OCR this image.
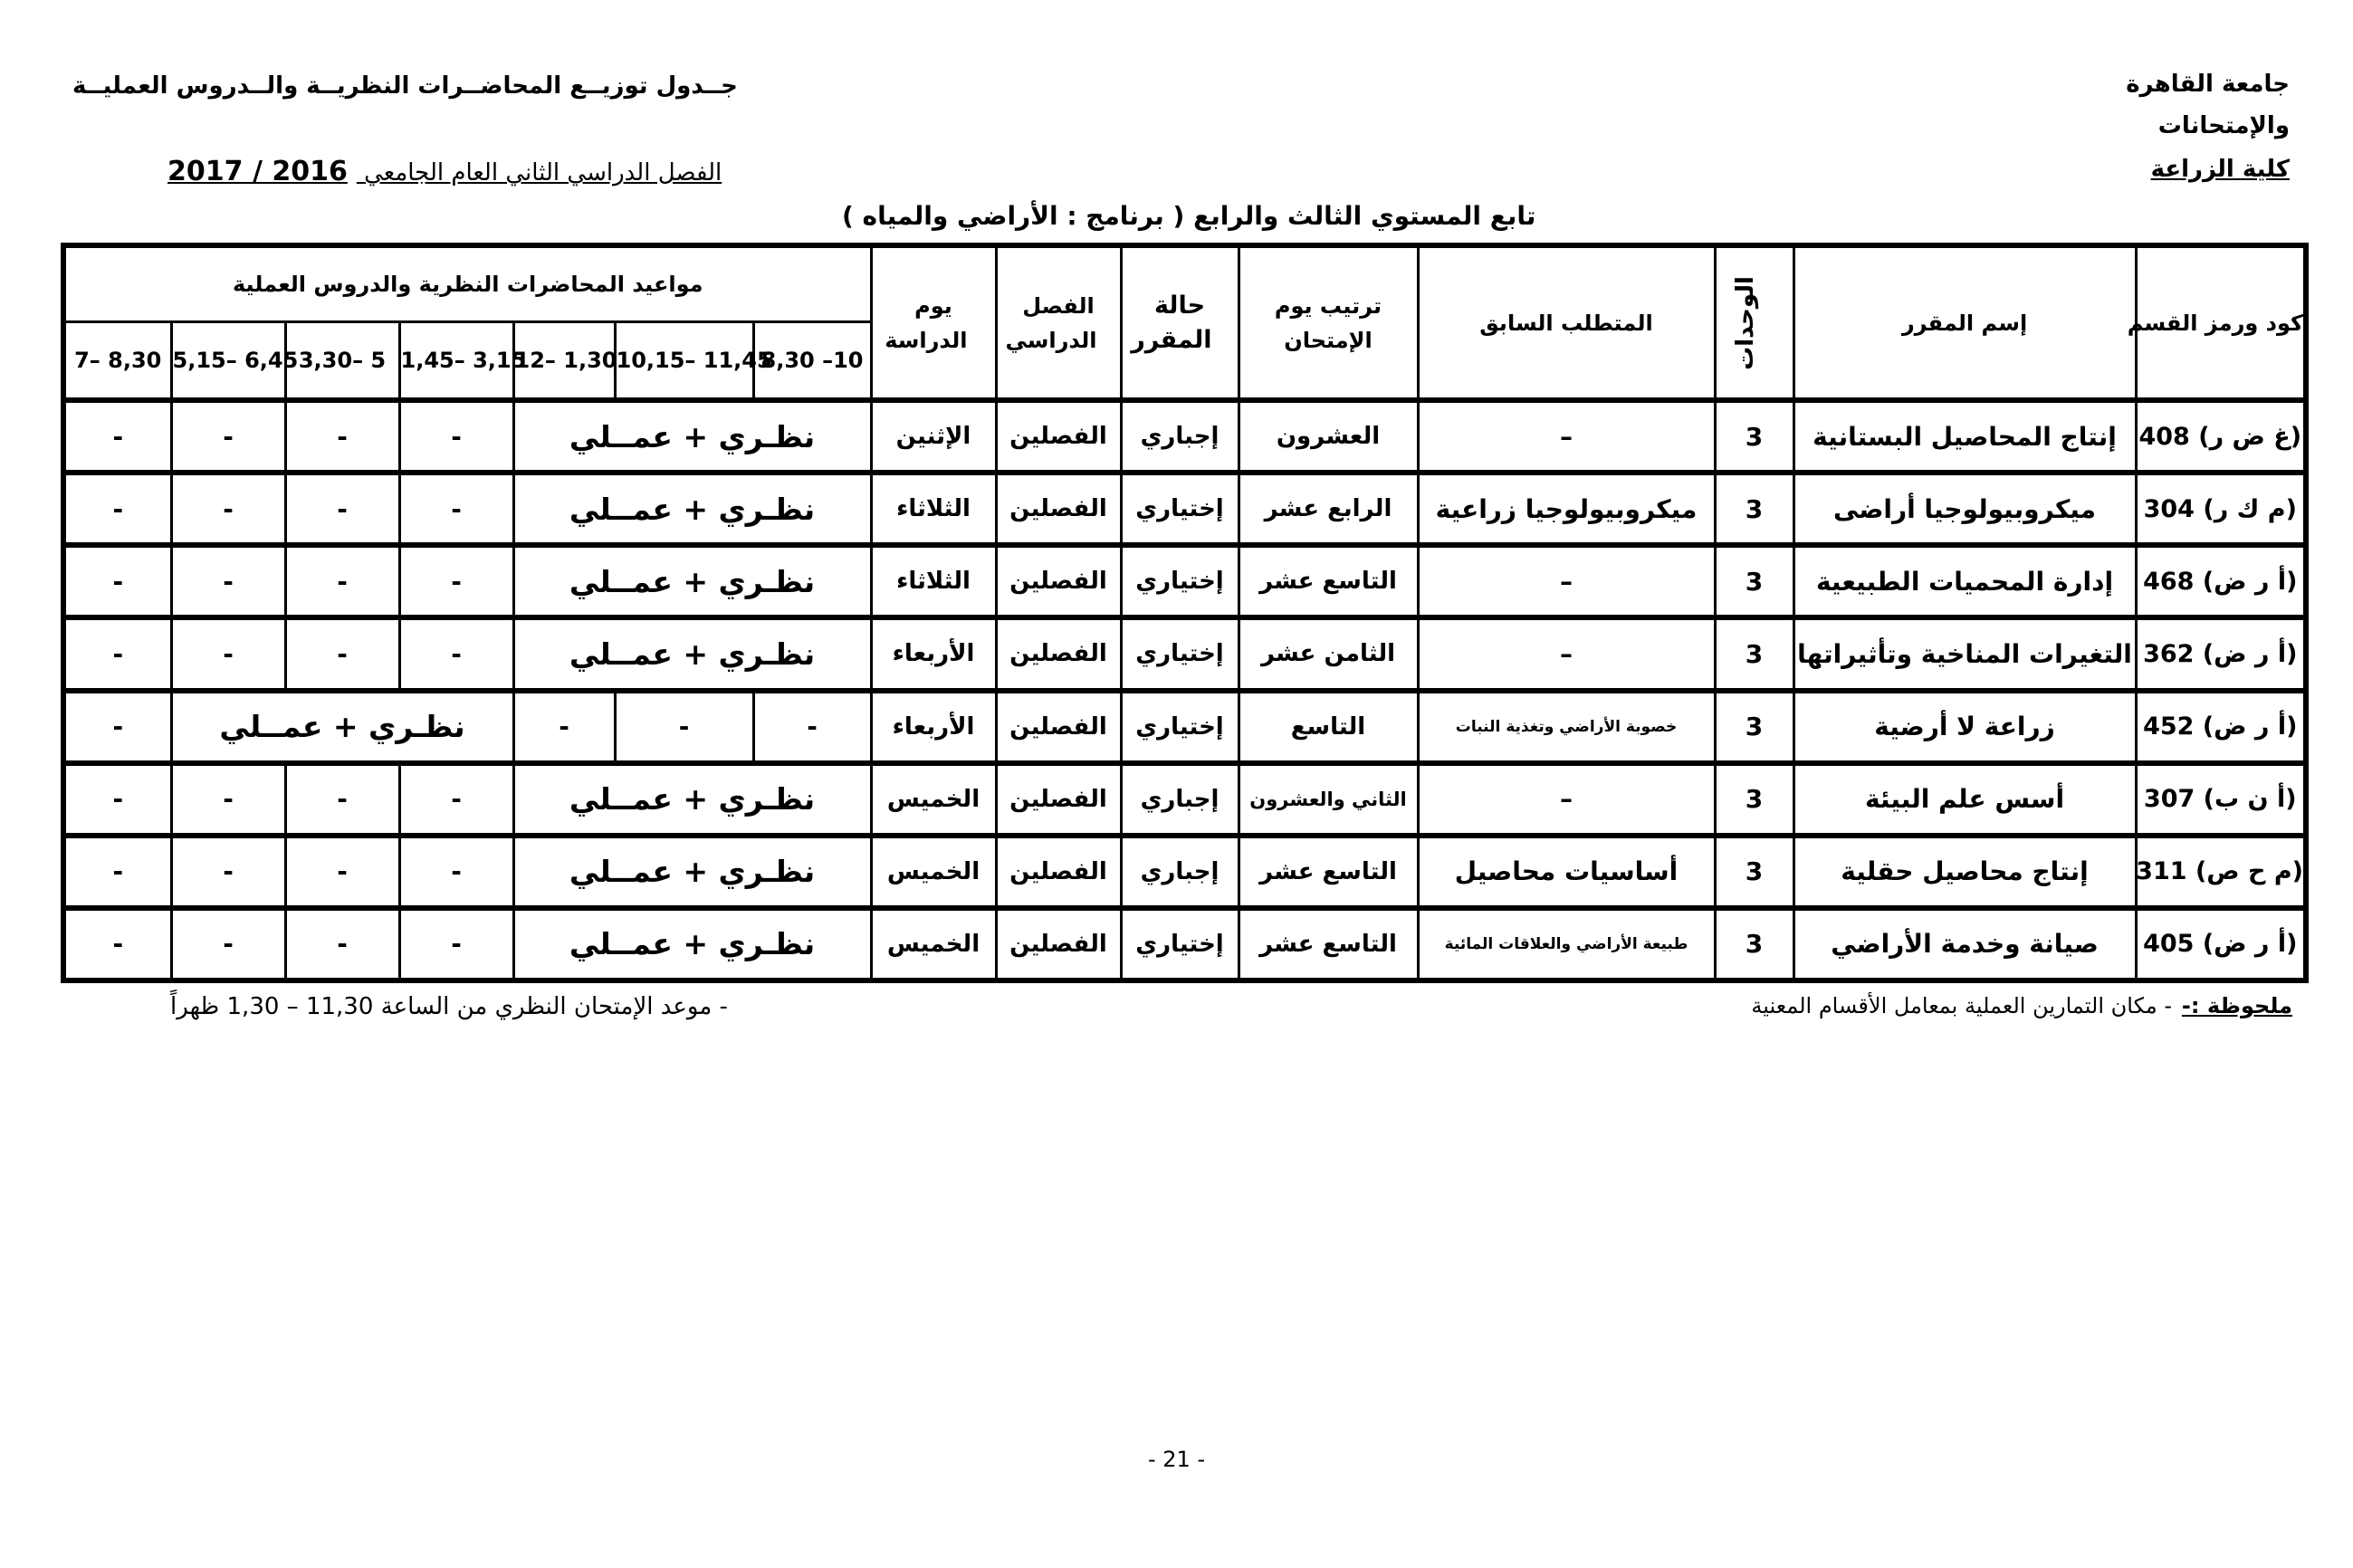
جامعة القاهرة
والإمتحانات
كلية الزراعة
جــدول توزيــع المحاضــرات النظريــة والــدروس العمليــة
الفصل الدراسي الثاني العام الجامعي 2017 / 2016
تابع المستوي الثالث والرابع ( برنامج : الأراضي والمياه )
كود ورمز القسم	إسم المقرر	الوحدات	المتطلب السابق	ترتيب يوم الإمتحان	حالة المقرر	الفصل الدراسي	يوم الدراسة	مواعيد المحاضرات النظرية والدروس العملية						
								8,30 –10	10,15– 11,45	12– 1,30	1,45– 3,15	3,30– 5	5,15– 6,45	7– 8,30
(غ ض ر) 408	إنتاج المحاصيل البستانية	3	–	العشرون	إجباري	الفصلين	الإثنين	نظـري + عمــلي			-	-	-	-
(م ك ر) 304	ميكروبيولوجيا أراضى	3	ميكروبيولوجيا زراعية	الرابع عشر	إختياري	الفصلين	الثلاثاء	نظـري + عمــلي			-	-	-	-
(أ ر ض) 468	إدارة المحميات الطبيعية	3	–	التاسع عشر	إختياري	الفصلين	الثلاثاء	نظـري + عمــلي			-	-	-	-
(أ ر ض) 362	التغيرات المناخية وتأثيراتها	3	–	الثامن عشر	إختياري	الفصلين	الأربعاء	نظـري + عمــلي			-	-	-	-
(أ ر ض) 452	زراعة لا أرضية	3	خصوبة الأراضي وتغذية النبات	التاسع	إختياري	الفصلين	الأربعاء	-	-	-	نظـري + عمــلي			-
(أ ن ب) 307	أسس علم البيئة	3	–	الثاني والعشرون	إجباري	الفصلين	الخميس	نظـري + عمــلي			-	-	-	-
(م ح ص) 311	إنتاج محاصيل حقلية	3	أساسيات محاصيل	التاسع عشر	إجباري	الفصلين	الخميس	نظـري + عمــلي			-	-	-	-
(أ ر ض) 405	صيانة وخدمة الأراضي	3	طبيعة الأراضي والعلاقات المائية	التاسع عشر	إختياري	الفصلين	الخميس	نظـري + عمــلي			-	-	-	-
ملحوظة :-
- مكان التمارين العملية بمعامل الأقسام المعنية
- موعد الإمتحان النظري من الساعة 11,30 – 1,30 ظهراً
- 21 -
